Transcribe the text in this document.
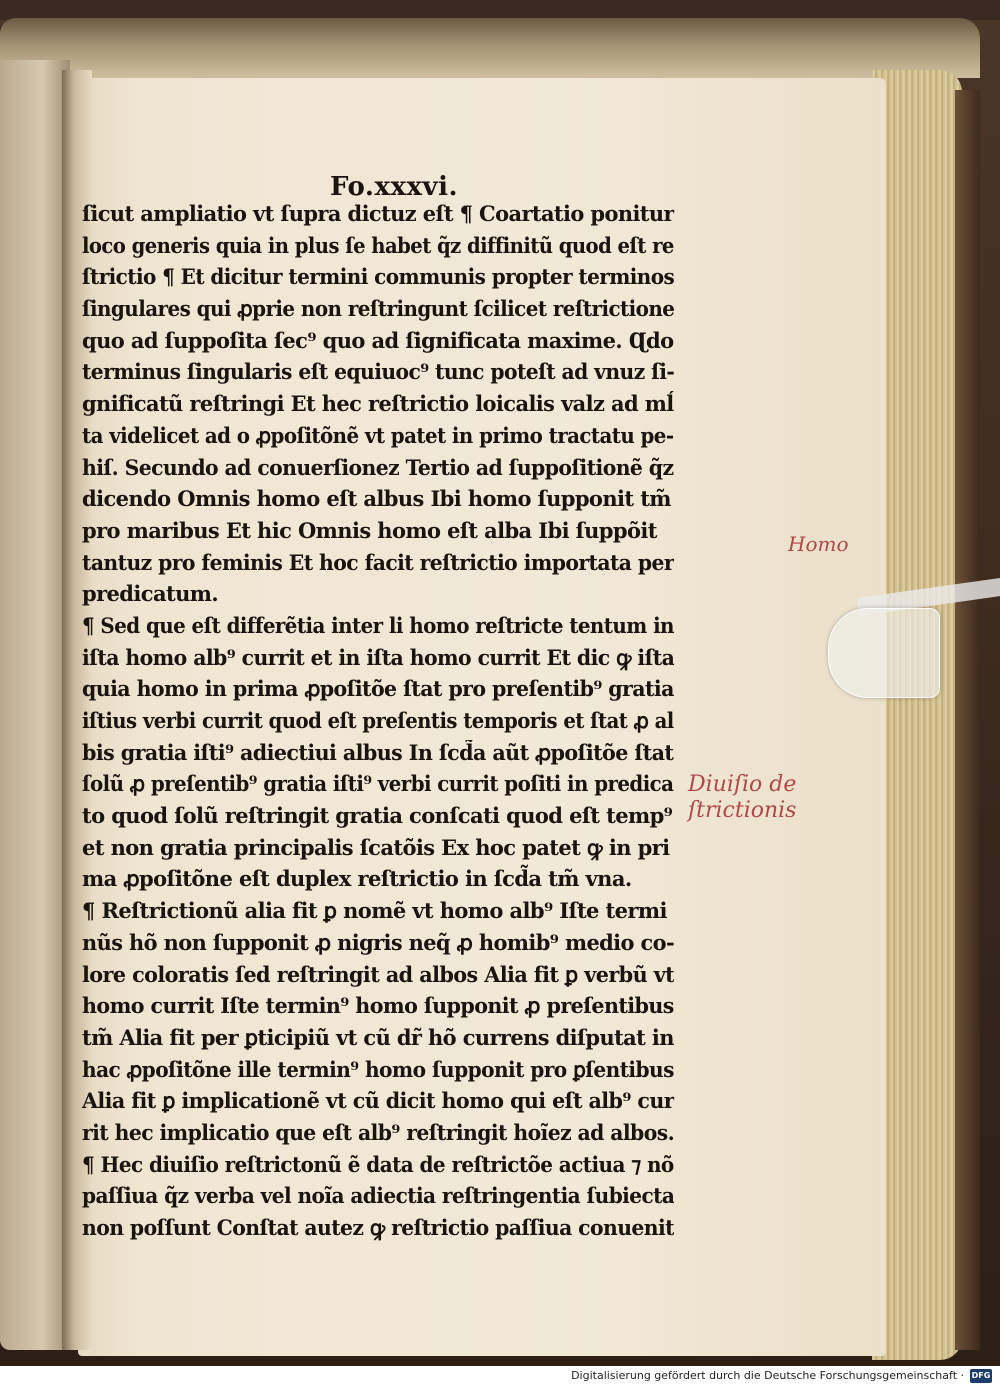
Fo.xxxvi.
ſicut ampliatio vt ſupra dictuz eſt ¶ Coartatio ponitur
loco generis quia in plus ſe habet q̃z diffinitũ quod eſt re
ſtrictio ¶ Et dicitur termini communis propter terminos
ſingulares qui ꝓprie non reſtringunt ſcilicet reſtrictione
quo ad ſuppoſita ſec⁹ quo ad ſignificata maxime. Ɋdo
terminus ſingularis eſt equiuoc⁹ tunc poteſt ad vnuz ſi-
gnificatũ reſtringi Et hec reſtrictio loicalis valz ad mĺ
ta videlicet ad o ꝓpoſitõnẽ vt patet in primo tractatu pe-
hiſ. Secundo ad conuerſionez Tertio ad ſuppoſitionẽ q̃z
dicendo Omnis homo eſt albus Ibi homo ſupponit tm̃
pro maribus Et hic Omnis homo eſt alba Ibi ſuppõit
tantuz pro feminis Et hoc facit reſtrictio importata per
predicatum.
¶ Sed que eſt differẽtia inter li homo reſtricte tentum in
iſta homo alb⁹ currit et in iſta homo currit Et dic ꝙ iſta
quia homo in prima ꝓpoſitõe ſtat pro preſentib⁹ gratia
iſtius verbi currit quod eſt preſentis temporis et ſtat ꝓ al
bis gratia iſti⁹ adiectiui albus In ſcd̃a aũt ꝓpoſitõe ſtat
ſolũ ꝓ preſentib⁹ gratia iſti⁹ verbi currit poſiti in predica
to quod ſolũ reſtringit gratia conſcati quod eſt temp⁹
et non gratia principalis ſcatõis Ex hoc patet ꝙ in pri
ma ꝓpoſitõne eſt duplex reſtrictio in ſcd̃a tm̃ vna.
¶ Reſtrictionũ alia fit ꝑ nomẽ vt homo alb⁹ Iſte termi
nũs hõ non ſupponit ꝓ nigris neq̃ ꝓ homib⁹ medio co-
lore coloratis ſed reſtringit ad albos Alia fit ꝑ verbũ vt
homo currit Iſte termin⁹ homo ſupponit ꝓ preſentibus
tm̃ Alia fit per ꝑticipiũ vt cũ dr̃ hõ currens diſputat in
hac ꝓpoſitõne ille termin⁹ homo ſupponit pro ꝑſentibus
Alia fit ꝑ implicationẽ vt cũ dicit homo qui eſt alb⁹ cur
rit hec implicatio que eſt alb⁹ reſtringit hoĩez ad albos.
¶ Hec diuiſio reſtrictonũ ẽ data de reſtrictõe actiua ⁊ nõ
paſſiua q̃z verba vel noĩa adiectia reſtringentia ſubiecta
non poſſunt Conſtat autez ꝙ reſtrictio paſſiua conuenit
Homo
Diuiſio de
ſtrictionis
Digitalisierung gefördert durch die Deutsche Forschungsgemeinschaft · DFG
